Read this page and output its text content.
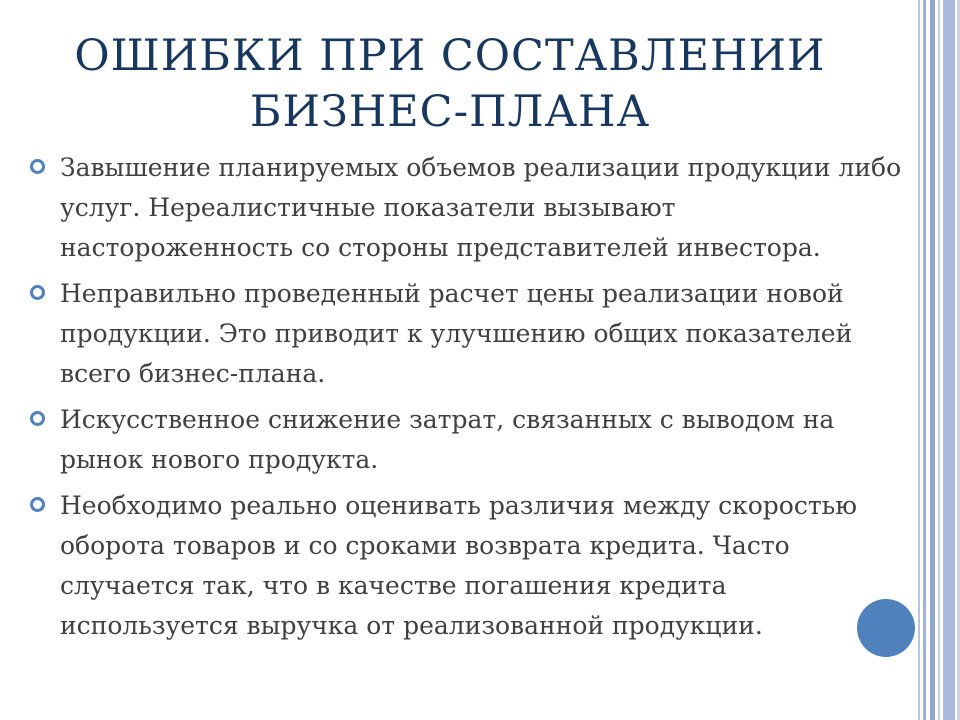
ОШИБКИ ПРИ СОСТАВЛЕНИИ
БИЗНЕС-ПЛАНА
Завышение планируемых объемов реализации продукции либо услуг. Нереалистичные показатели вызывают настороженность со стороны представителей инвестора.
Неправильно проведенный расчет цены реализации новой продукции. Это приводит к улучшению общих показателей всего бизнес-плана.
Искусственное снижение затрат, связанных с выводом на рынок нового продукта.
Необходимо реально оценивать различия между скоростью оборота товаров и со сроками возврата кредита. Часто случается так, что в качестве погашения кредита используется выручка от реализованной продукции.
